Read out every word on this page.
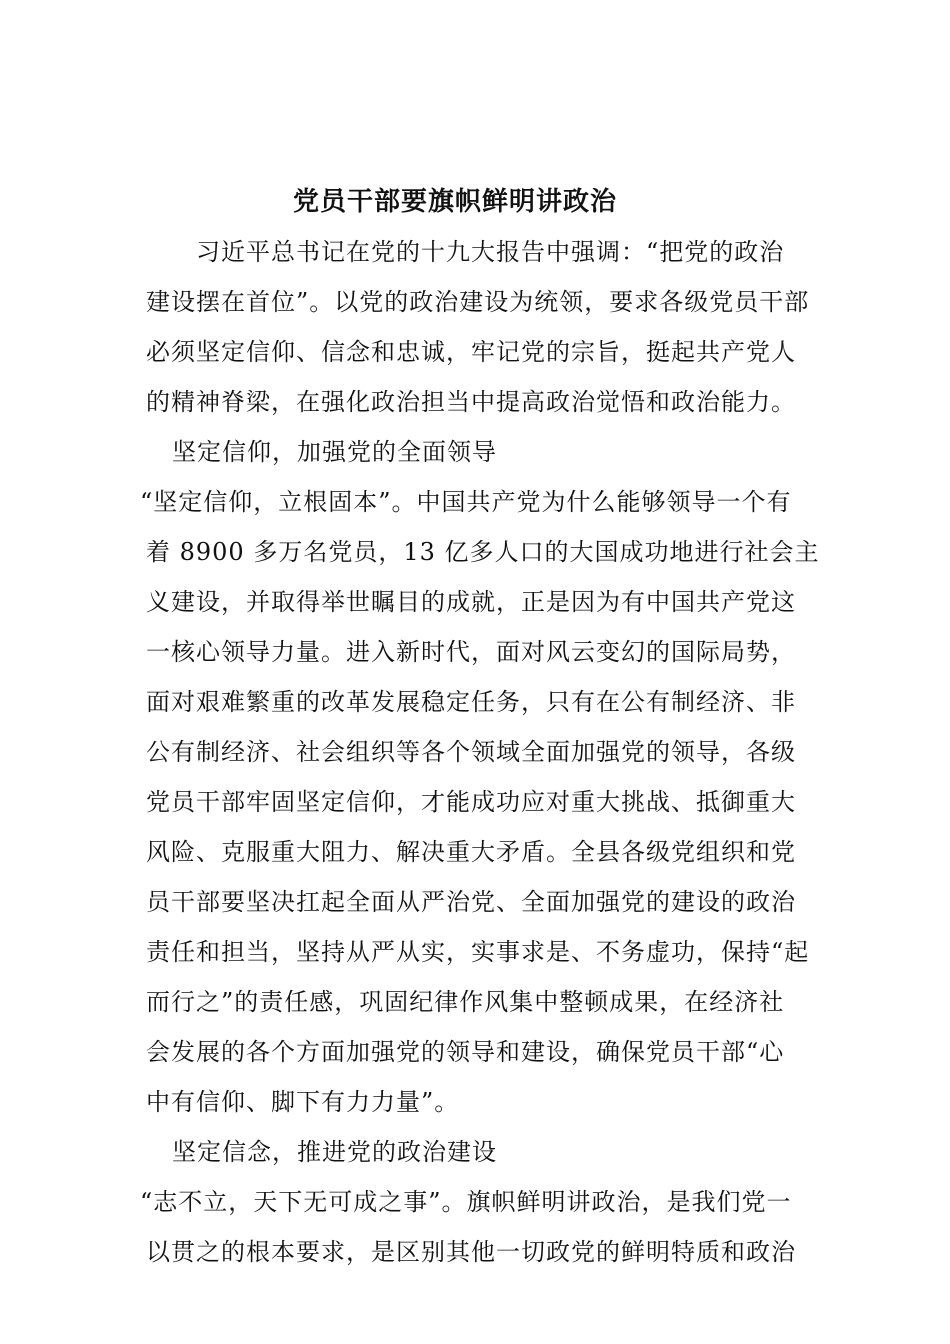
党员干部要旗帜鲜明讲政治
习近平总书记在党的十九大报告中强调：“把党的政治
建设摆在首位”。以党的政治建设为统领，要求各级党员干部
必须坚定信仰、信念和忠诚，牢记党的宗旨，挺起共产党人
的精神脊梁，在强化政治担当中提高政治觉悟和政治能力。
坚定信仰，加强党的全面领导
“坚定信仰，立根固本”。中国共产党为什么能够领导一个有
着 8900 多万名党员，13 亿多人口的大国成功地进行社会主
义建设，并取得举世瞩目的成就，正是因为有中国共产党这
一核心领导力量。进入新时代，面对风云变幻的国际局势，
面对艰难繁重的改革发展稳定任务，只有在公有制经济、非
公有制经济、社会组织等各个领域全面加强党的领导，各级
党员干部牢固坚定信仰，才能成功应对重大挑战、抵御重大
风险、克服重大阻力、解决重大矛盾。全县各级党组织和党
员干部要坚决扛起全面从严治党、全面加强党的建设的政治
责任和担当，坚持从严从实，实事求是、不务虚功，保持“起
而行之”的责任感，巩固纪律作风集中整顿成果，在经济社
会发展的各个方面加强党的领导和建设，确保党员干部“心
中有信仰、脚下有力力量”。
坚定信念，推进党的政治建设
“志不立，天下无可成之事”。旗帜鲜明讲政治，是我们党一
以贯之的根本要求，是区别其他一切政党的鲜明特质和政治
